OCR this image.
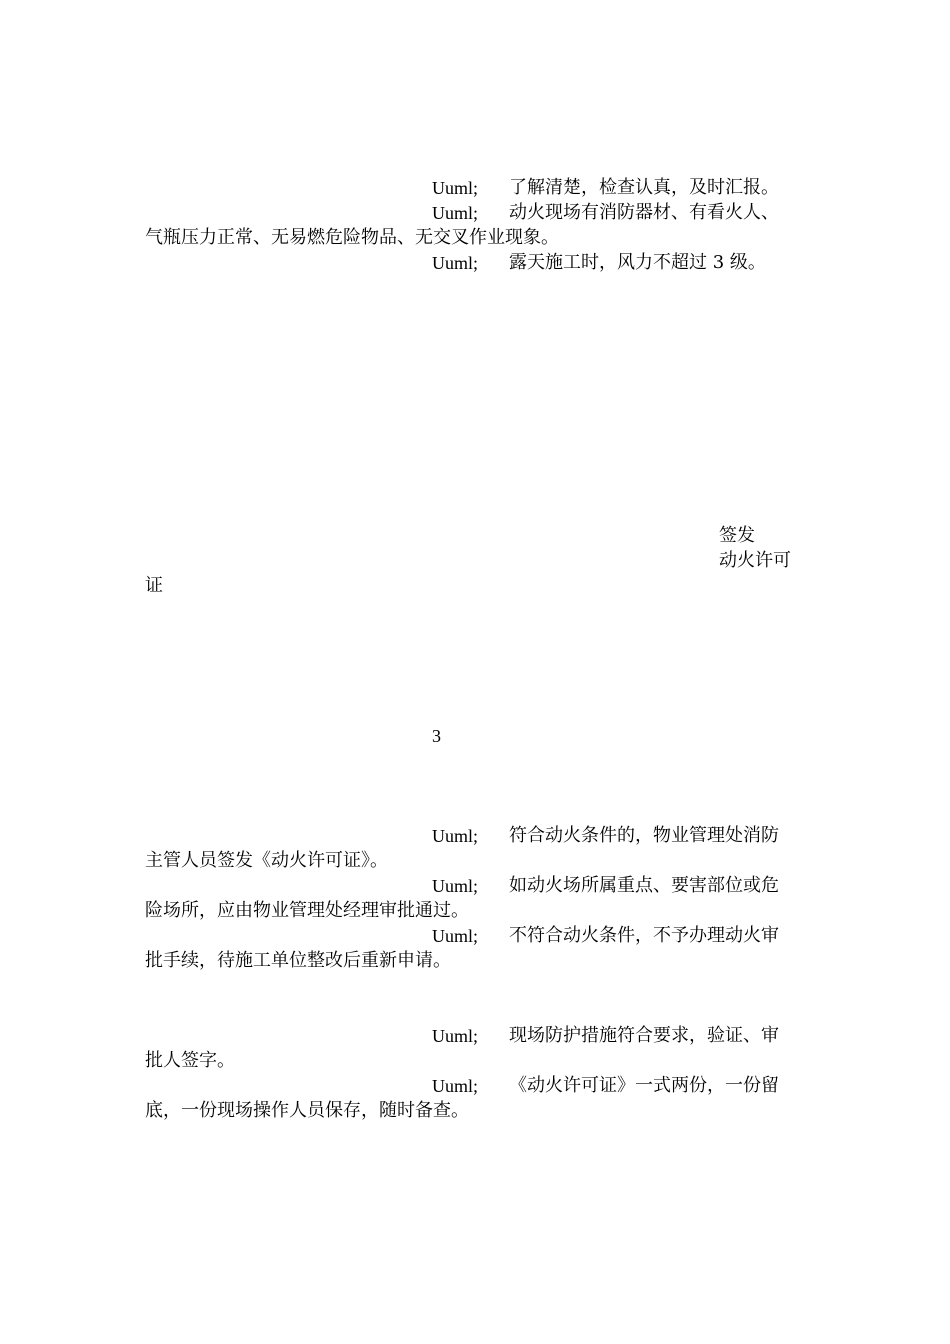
Uuml; 了解清楚，检查认真，及时汇报。
Uuml; 动火现场有消防器材、有看火人、
气瓶压力正常、无易燃危险物品、无交叉作业现象。
Uuml; 露天施工时，风力不超过 3 级。
签发
动火许可
证
3
Uuml; 符合动火条件的，物业管理处消防
主管人员签发《动火许可证》。
Uuml; 如动火场所属重点、要害部位或危
险场所，应由物业管理处经理审批通过。
Uuml; 不符合动火条件，不予办理动火审
批手续，待施工单位整改后重新申请。
Uuml; 现场防护措施符合要求，验证、审
批人签字。
Uuml; 《动火许可证》一式两份，一份留
底，一份现场操作人员保存，随时备查。
